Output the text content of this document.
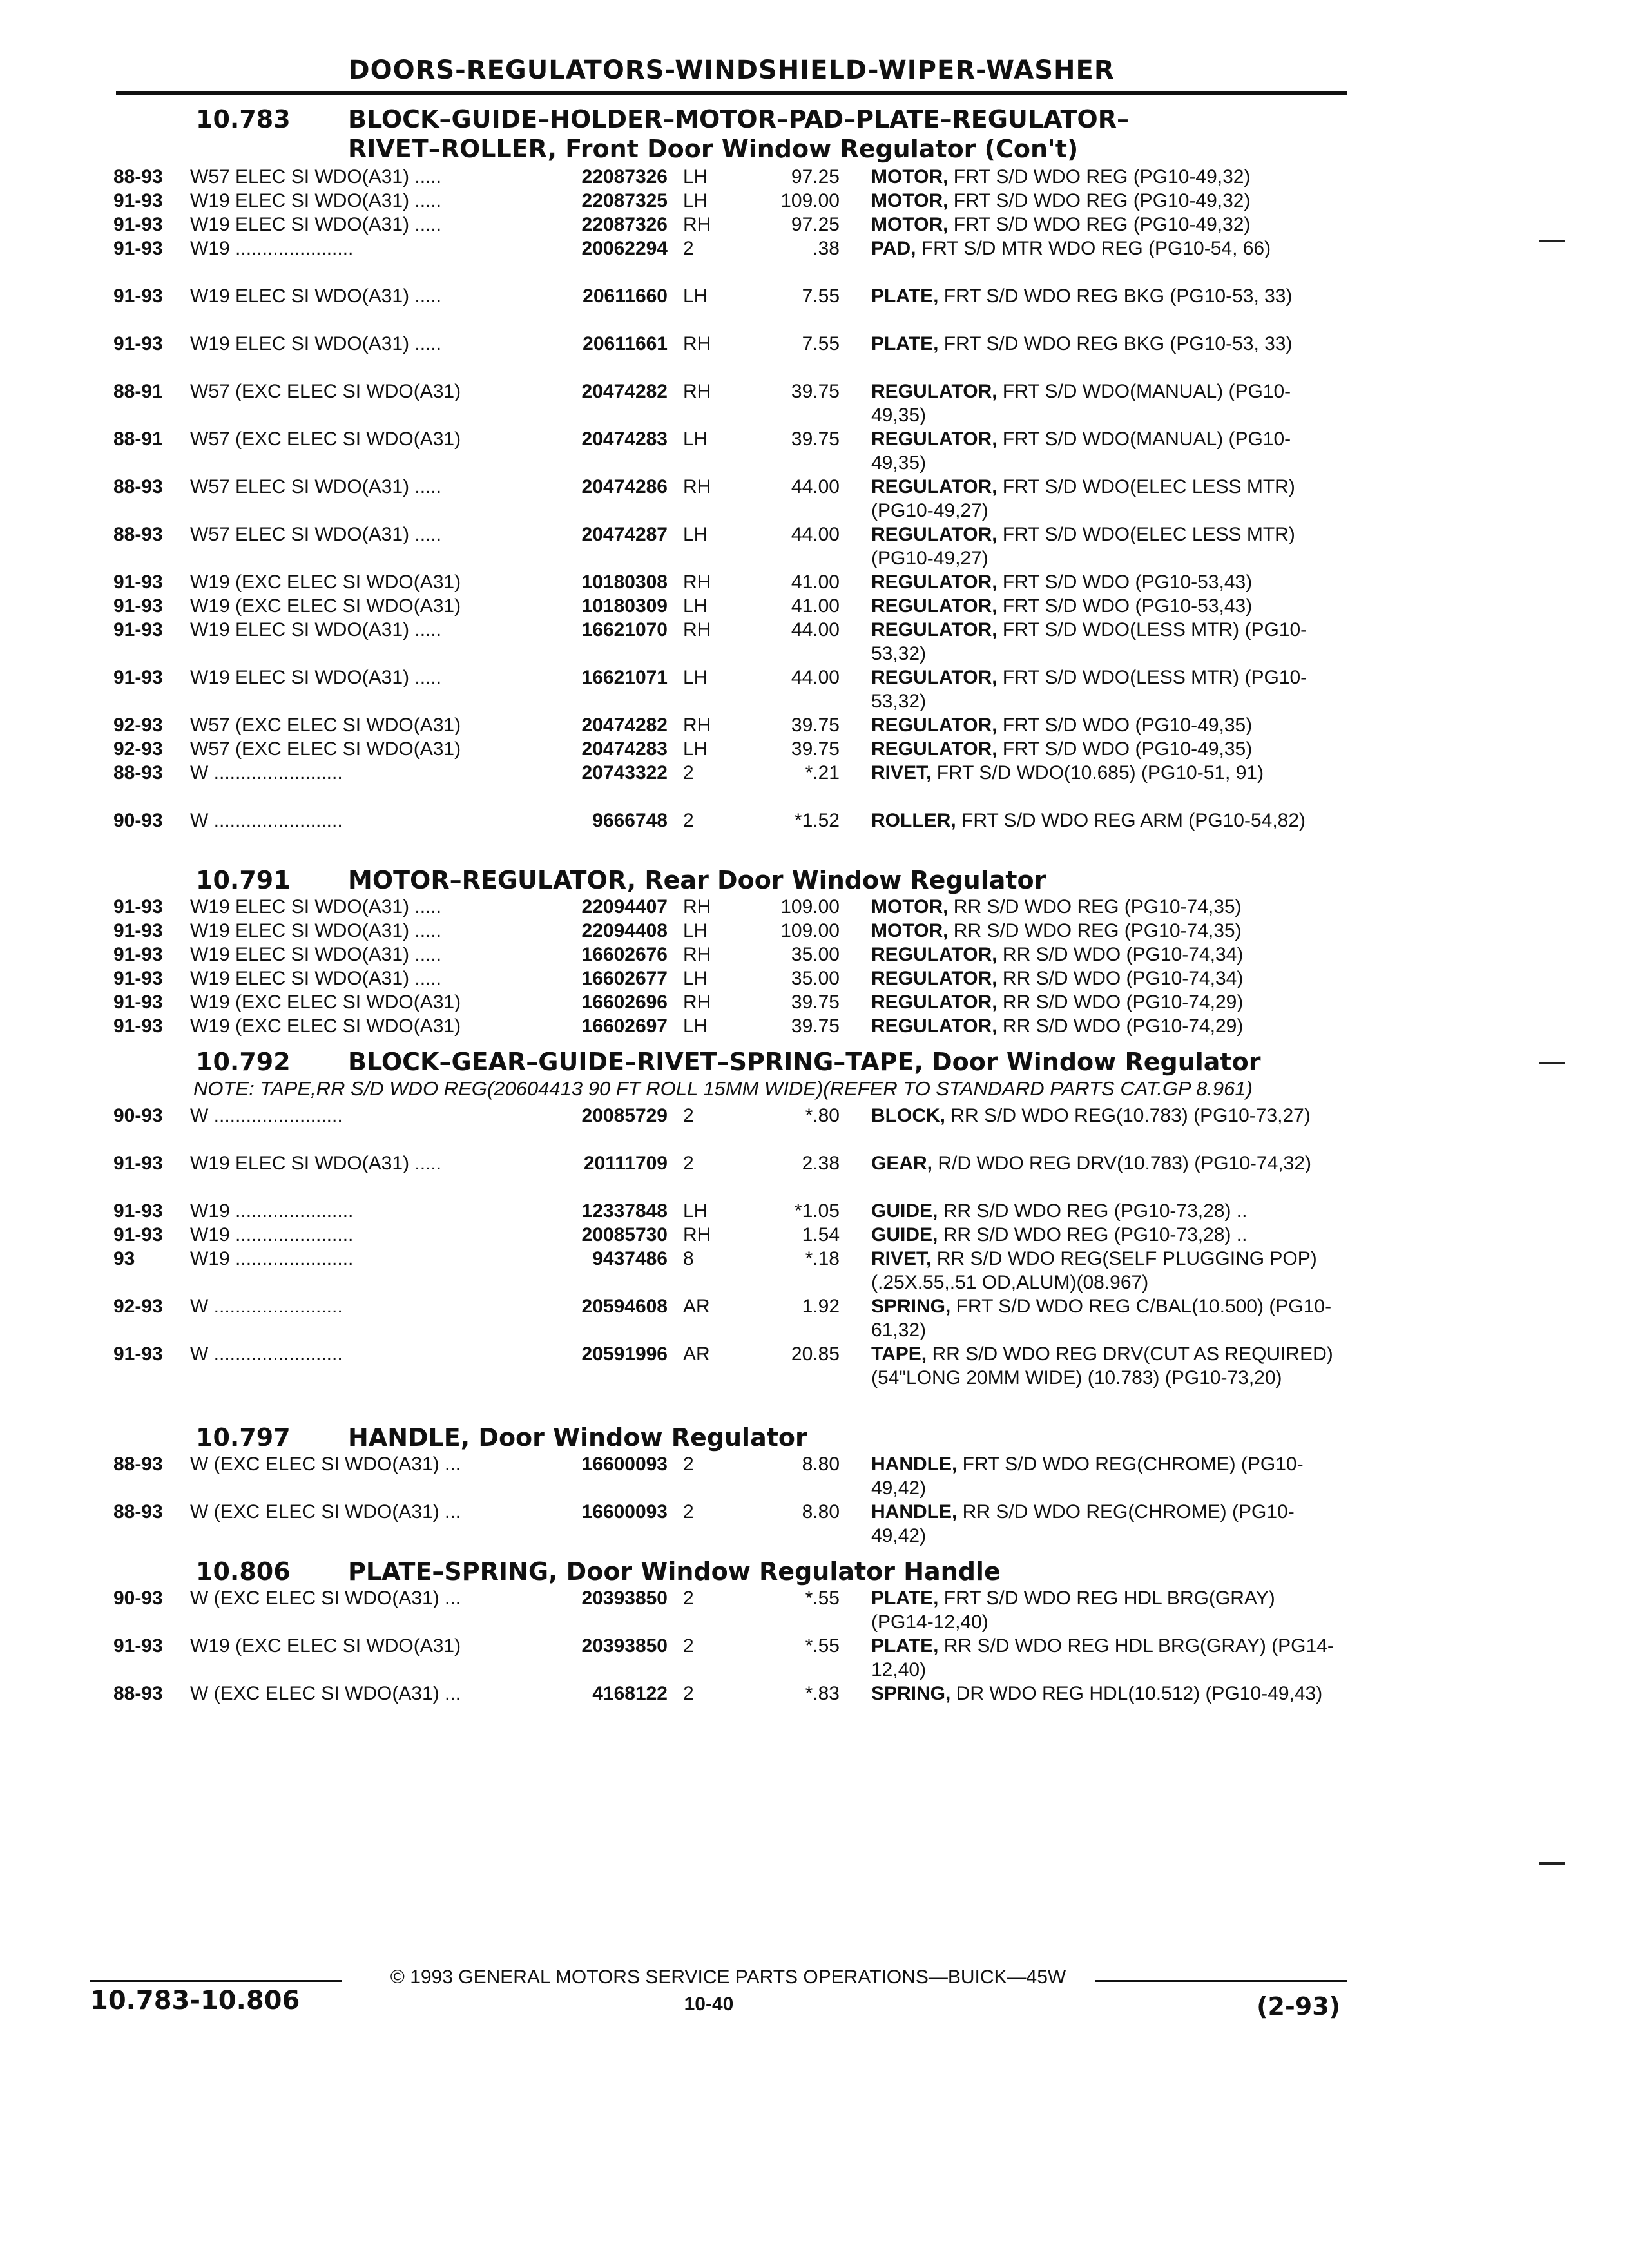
DOORS-REGULATORS-WINDSHIELD-WIPER-WASHER
10.783 BLOCK–GUIDE–HOLDER–MOTOR–PAD–PLATE–REGULATOR–
RIVET–ROLLER, Front Door Window Regulator (Con't)
88-93	W57 ELEC SI WDO(A31) .....	22087326 LH	97.25 MOTOR, FRT S/D WDO REG (PG10-49,32)
91-93	W19 ELEC SI WDO(A31) .....	22087325 LH	109.00 MOTOR, FRT S/D WDO REG (PG10-49,32)
91-93	W19 ELEC SI WDO(A31) .....	22087326 RH	97.25 MOTOR, FRT S/D WDO REG (PG10-49,32)
91-93	W19 ......................	20062294 2	.38 PAD, FRT S/D MTR WDO REG (PG10-54, 66)
91-93	W19 ELEC SI WDO(A31) .....	20611660 LH	7.55 PLATE, FRT S/D WDO REG BKG (PG10-53, 33)
91-93	W19 ELEC SI WDO(A31) .....	20611661 RH	7.55 PLATE, FRT S/D WDO REG BKG (PG10-53, 33)
88-91	W57 (EXC ELEC SI WDO(A31)	20474282 RH	39.75 REGULATOR, FRT S/D WDO(MANUAL) (PG10-49,35)
88-91	W57 (EXC ELEC SI WDO(A31)	20474283 LH	39.75 REGULATOR, FRT S/D WDO(MANUAL) (PG10-49,35)
88-93	W57 ELEC SI WDO(A31) .....	20474286 RH	44.00 REGULATOR, FRT S/D WDO(ELEC LESS MTR) (PG10-49,27)
88-93	W57 ELEC SI WDO(A31) .....	20474287 LH	44.00 REGULATOR, FRT S/D WDO(ELEC LESS MTR) (PG10-49,27)
91-93	W19 (EXC ELEC SI WDO(A31)	10180308 RH	41.00 REGULATOR, FRT S/D WDO (PG10-53,43)
91-93	W19 (EXC ELEC SI WDO(A31)	10180309 LH	41.00 REGULATOR, FRT S/D WDO (PG10-53,43)
91-93	W19 ELEC SI WDO(A31) .....	16621070 RH	44.00 REGULATOR, FRT S/D WDO(LESS MTR) (PG10-53,32)
91-93	W19 ELEC SI WDO(A31) .....	16621071 LH	44.00 REGULATOR, FRT S/D WDO(LESS MTR) (PG10-53,32)
92-93	W57 (EXC ELEC SI WDO(A31)	20474282 RH	39.75 REGULATOR, FRT S/D WDO (PG10-49,35)
92-93	W57 (EXC ELEC SI WDO(A31)	20474283 LH	39.75 REGULATOR, FRT S/D WDO (PG10-49,35)
88-93	W ........................	20743322 2	*.21 RIVET, FRT S/D WDO(10.685) (PG10-51, 91)
90-93	W ........................	9666748 2	*1.52 ROLLER, FRT S/D WDO REG ARM (PG10-54,82)
10.791 MOTOR–REGULATOR, Rear Door Window Regulator
91-93	W19 ELEC SI WDO(A31) .....	22094407 RH	109.00 MOTOR, RR S/D WDO REG (PG10-74,35)
91-93	W19 ELEC SI WDO(A31) .....	22094408 LH	109.00 MOTOR, RR S/D WDO REG (PG10-74,35)
91-93	W19 ELEC SI WDO(A31) .....	16602676 RH	35.00 REGULATOR, RR S/D WDO (PG10-74,34)
91-93	W19 ELEC SI WDO(A31) .....	16602677 LH	35.00 REGULATOR, RR S/D WDO (PG10-74,34)
91-93	W19 (EXC ELEC SI WDO(A31)	16602696 RH	39.75 REGULATOR, RR S/D WDO (PG10-74,29)
91-93	W19 (EXC ELEC SI WDO(A31)	16602697 LH	39.75 REGULATOR, RR S/D WDO (PG10-74,29)
10.792 BLOCK–GEAR–GUIDE–RIVET–SPRING–TAPE, Door Window Regulator
NOTE: TAPE,RR S/D WDO REG(20604413 90 FT ROLL 15MM WIDE)(REFER TO STANDARD PARTS CAT.GP 8.961)
90-93	W ........................	20085729 2	*.80 BLOCK, RR S/D WDO REG(10.783) (PG10-73,27)
91-93	W19 ELEC SI WDO(A31) .....	20111709 2	2.38 GEAR, R/D WDO REG DRV(10.783) (PG10-74,32)
91-93	W19 ......................	12337848 LH	*1.05 GUIDE, RR S/D WDO REG (PG10-73,28) ..
91-93	W19 ......................	20085730 RH	1.54 GUIDE, RR S/D WDO REG (PG10-73,28) ..
93	W19 ......................	9437486 8	*.18 RIVET, RR S/D WDO REG(SELF PLUGGING POP)(.25X.55,.51 OD,ALUM)(08.967)
92-93	W ........................	20594608 AR	1.92 SPRING, FRT S/D WDO REG C/BAL(10.500) (PG10-61,32)
91-93	W ........................	20591996 AR	20.85 TAPE, RR S/D WDO REG DRV(CUT AS REQUIRED)(54"LONG 20MM WIDE) (10.783) (PG10-73,20)
10.797 HANDLE, Door Window Regulator
88-93	W (EXC ELEC SI WDO(A31) ...	16600093 2	8.80 HANDLE, FRT S/D WDO REG(CHROME) (PG10-49,42)
88-93	W (EXC ELEC SI WDO(A31) ...	16600093 2	8.80 HANDLE, RR S/D WDO REG(CHROME) (PG10-49,42)
10.806 PLATE–SPRING, Door Window Regulator Handle
90-93	W (EXC ELEC SI WDO(A31) ...	20393850 2	*.55 PLATE, FRT S/D WDO REG HDL BRG(GRAY) (PG14-12,40)
91-93	W19 (EXC ELEC SI WDO(A31)	20393850 2	*.55 PLATE, RR S/D WDO REG HDL BRG(GRAY) (PG14-12,40)
88-93	W (EXC ELEC SI WDO(A31) ...	4168122 2	*.83 SPRING, DR WDO REG HDL(10.512) (PG10-49,43)
© 1993 GENERAL MOTORS SERVICE PARTS OPERATIONS—BUICK—45W
10.783-10.806	10-40	(2-93)
